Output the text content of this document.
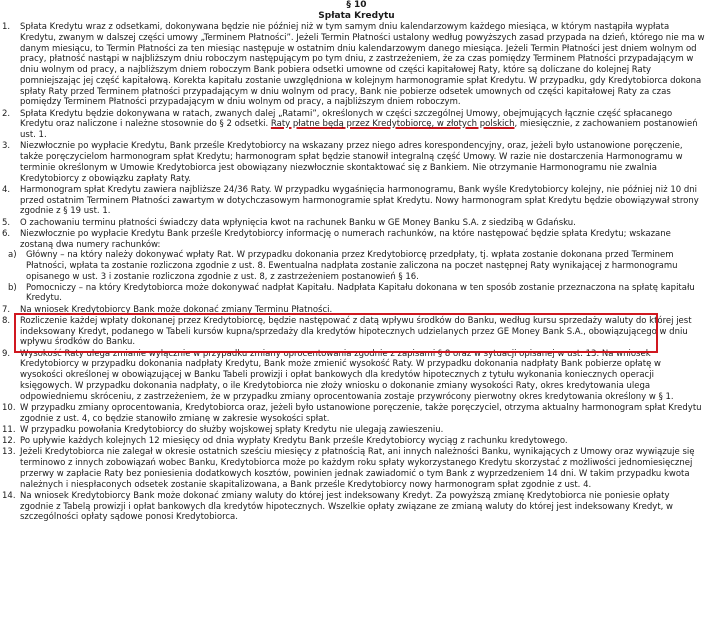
§ 10
Spłata Kredytu
1. Spłata Kredytu wraz z odsetkami, dokonywana będzie nie później niż w tym samym dniu kalendarzowym każdego miesiąca, w którym nastąpiła wypłata Kredytu, zwanym w dalszej części umowy „Terminem Płatności”. Jeżeli Termin Płatności ustalony według powyższych zasad przypada na dzień, którego nie ma w danym miesiącu, to Termin Płatności za ten miesiąc następuje w ostatnim dniu kalendarzowym danego miesiąca. Jeżeli Termin Płatności jest dniem wolnym od pracy, płatność nastąpi w najbliższym dniu roboczym następującym po tym dniu, z zastrzeżeniem, że za czas pomiędzy Terminem Płatności przypadającym w dniu wolnym od pracy, a najbliższym dniem roboczym Bank pobiera odsetki umowne od części kapitałowej Raty, które są doliczane do kolejnej Raty pomniejszając jej część kapitałową. Korekta kapitału zostanie uwzględniona w kolejnym harmonogramie spłat Kredytu. W przypadku, gdy Kredytobiorca dokona spłaty Raty przed Terminem płatności przypadającym w dniu wolnym od pracy, Bank nie pobierze odsetek umownych od części kapitałowej Raty za czas pomiędzy Terminem Płatności przypadającym w dniu wolnym od pracy, a najbliższym dniem roboczym.
2. Spłata Kredytu będzie dokonywana w ratach, zwanych dalej „Ratami”, określonych w części szczególnej Umowy, obejmujących łącznie część spłacanego Kredytu oraz naliczone i należne stosownie do § 2 odsetki. Raty płatne będą przez Kredytobiorcę, w złotych polskich, miesięcznie, z zachowaniem postanowień ust. 1.
3. Niezwłocznie po wypłacie Kredytu, Bank prześle Kredytobiorcy na wskazany przez niego adres korespondencyjny, oraz, jeżeli było ustanowione poręczenie, także poręczycielom harmonogram spłat Kredytu; harmonogram spłat będzie stanowił integralną część Umowy. W razie nie dostarczenia Harmonogramu w terminie określonym w Umowie Kredytobiorca jest obowiązany niezwłocznie skontaktować się z Bankiem. Nie otrzymanie Harmonogramu nie zwalnia Kredytobiorcy z obowiązku zapłaty Raty.
4. Harmonogram spłat Kredytu zawiera najbliższe 24/36 Raty. W przypadku wygaśnięcia harmonogramu, Bank wyśle Kredytobiorcy kolejny, nie później niż 10 dni przed ostatnim Terminem Płatności zawartym w dotychczasowym harmonogramie spłat Kredytu. Nowy harmonogram spłat Kredytu będzie obowiązywał strony zgodnie z § 19 ust. 1.
5. O zachowaniu terminu płatności świadczy data wpłynięcia kwot na rachunek Banku w GE Money Banku S.A. z siedzibą w Gdańsku.
6. Niezwłocznie po wypłacie Kredytu Bank prześle Kredytobiorcy informację o numerach rachunków, na które następować będzie spłata Kredytu; wskazane zostaną dwa numery rachunków:
a) Główny – na który należy dokonywać wpłaty Rat. W przypadku dokonania przez Kredytobiorcę przedpłaty, tj. wpłata zostanie dokonana przed Terminem Płatności, wpłata ta zostanie rozliczona zgodnie z ust. 8. Ewentualna nadpłata zostanie zaliczona na poczet następnej Raty wynikającej z harmonogramu opisanego w ust. 3 i zostanie rozliczona zgodnie z ust. 8, z zastrzeżeniem postanowień § 16.
b) Pomocniczy – na który Kredytobiorca może dokonywać nadpłat Kapitału. Nadpłata Kapitału dokonana w ten sposób zostanie przeznaczona na spłatę kapitału Kredytu.
7. Na wniosek Kredytobiorcy Bank może dokonać zmiany Terminu Płatności.
8. Rozliczenie każdej wpłaty dokonanej przez Kredytobiorcę, będzie następować z datą wpływu środków do Banku, według kursu sprzedaży waluty do której jest indeksowany Kredyt, podanego w Tabeli kursów kupna/sprzedaży dla kredytów hipotecznych udzielanych przez GE Money Bank S.A., obowiązującego w dniu wpływu środków do Banku.
9. Wysokość Raty ulega zmianie wyłącznie w przypadku zmiany oprocentowania zgodnie z zapisami § 8 oraz w sytuacji opisanej w ust. 13. Na wniosek Kredytobiorcy w przypadku dokonania nadpłaty Kredytu, Bank może zmienić wysokość Raty. W przypadku dokonania nadpłaty Bank pobierze opłatę w wysokości określonej w obowiązującej w Banku Tabeli prowizji i opłat bankowych dla kredytów hipotecznych z tytułu wykonania koniecznych operacji księgowych. W przypadku dokonania nadpłaty, o ile Kredytobiorca nie złoży wniosku o dokonanie zmiany wysokości Raty, okres kredytowania ulega odpowiedniemu skróceniu, z zastrzeżeniem, że w przypadku zmiany oprocentowania zostaje przywrócony pierwotny okres kredytowania określony w § 1.
10. W przypadku zmiany oprocentowania, Kredytobiorca oraz, jeżeli było ustanowione poręczenie, także poręczyciel, otrzyma aktualny harmonogram spłat Kredytu zgodnie z ust. 4, co będzie stanowiło zmianę w zakresie wysokości spłat.
11. W przypadku powołania Kredytobiorcy do służby wojskowej spłaty Kredytu nie ulegają zawieszeniu.
12. Po upływie każdych kolejnych 12 miesięcy od dnia wypłaty Kredytu Bank prześle Kredytobiorcy wyciąg z rachunku kredytowego.
13. Jeżeli Kredytobiorca nie zalegał w okresie ostatnich sześciu miesięcy z płatnością Rat, ani innych należności Banku, wynikających z Umowy oraz wywiązuje się terminowo z innych zobowiązań wobec Banku, Kredytobiorca może po każdym roku spłaty wykorzystanego Kredytu skorzystać z możliwości jednomiesięcznej przerwy w zapłacie Raty bez poniesienia dodatkowych kosztów, powinien jednak zawiadomić o tym Bank z wyprzedzeniem 14 dni. W takim przypadku kwota należnych i niespłaconych odsetek zostanie skapitalizowana, a Bank prześle Kredytobiorcy nowy harmonogram spłat zgodnie z ust. 4.
14. Na wniosek Kredytobiorcy Bank może dokonać zmiany waluty do której jest indeksowany Kredyt. Za powyższą zmianę Kredytobiorca nie poniesie opłaty zgodnie z Tabelą prowizji i opłat bankowych dla kredytów hipotecznych. Wszelkie opłaty związane ze zmianą waluty do której jest indeksowany Kredyt, w szczególności opłaty sądowe ponosi Kredytobiorca.
